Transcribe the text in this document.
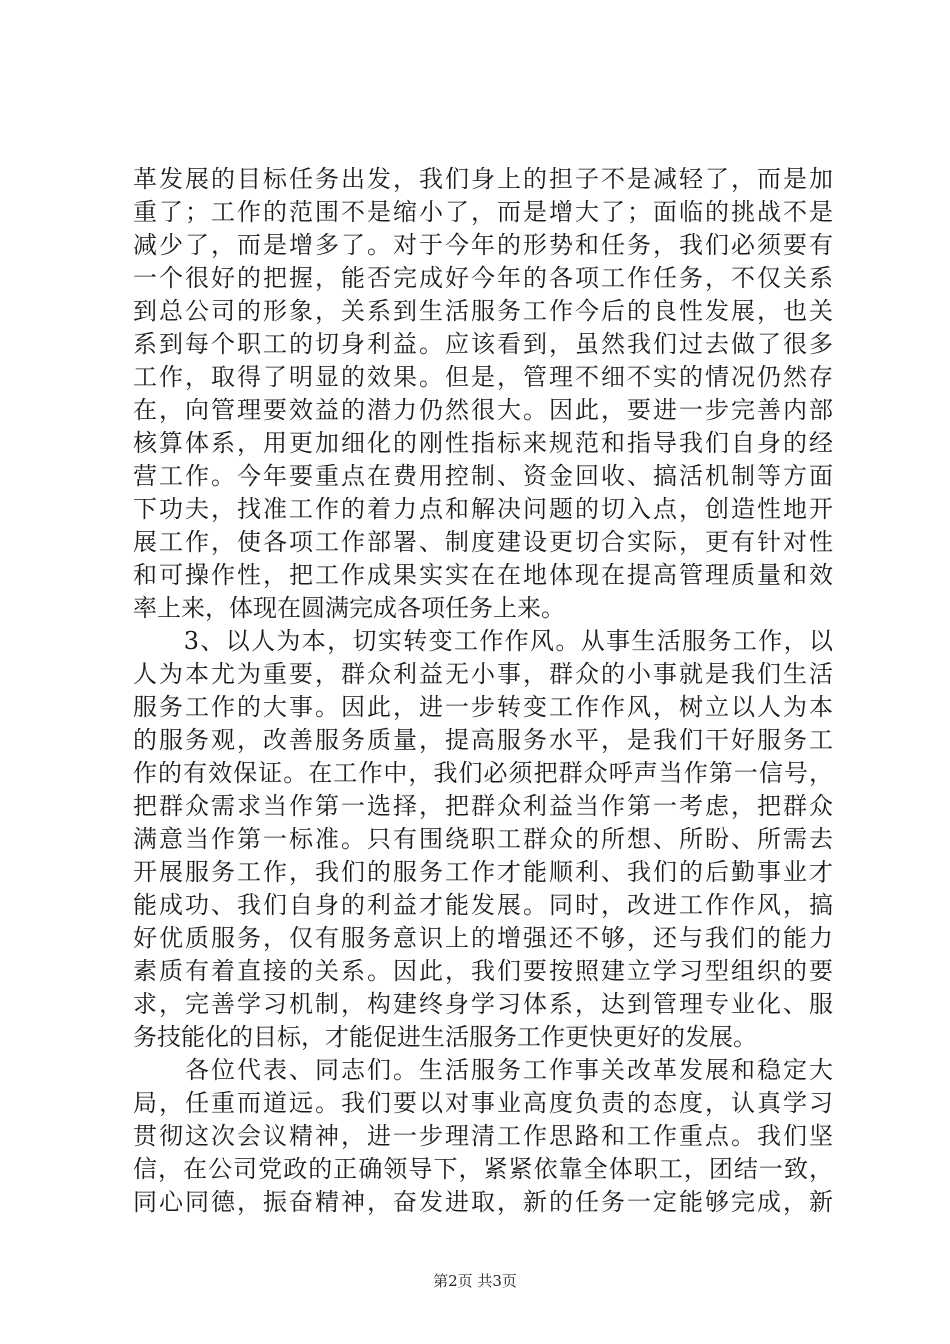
革发展的目标任务出发，我们身上的担子不是减轻了，而是加
重了；工作的范围不是缩小了，而是增大了；面临的挑战不是
减少了，而是增多了。对于今年的形势和任务，我们必须要有
一个很好的把握，能否完成好今年的各项工作任务，不仅关系
到总公司的形象，关系到生活服务工作今后的良性发展，也关
系到每个职工的切身利益。应该看到，虽然我们过去做了很多
工作，取得了明显的效果。但是，管理不细不实的情况仍然存
在，向管理要效益的潜力仍然很大。因此，要进一步完善内部
核算体系，用更加细化的刚性指标来规范和指导我们自身的经
营工作。今年要重点在费用控制、资金回收、搞活机制等方面
下功夫，找准工作的着力点和解决问题的切入点，创造性地开
展工作，使各项工作部署、制度建设更切合实际，更有针对性
和可操作性，把工作成果实实在在地体现在提高管理质量和效
率上来，体现在圆满完成各项任务上来。
　　3、以人为本，切实转变工作作风。从事生活服务工作，以
人为本尤为重要，群众利益无小事，群众的小事就是我们生活
服务工作的大事。因此，进一步转变工作作风，树立以人为本
的服务观，改善服务质量，提高服务水平，是我们干好服务工
作的有效保证。在工作中，我们必须把群众呼声当作第一信号，
把群众需求当作第一选择，把群众利益当作第一考虑，把群众
满意当作第一标准。只有围绕职工群众的所想、所盼、所需去
开展服务工作，我们的服务工作才能顺利、我们的后勤事业才
能成功、我们自身的利益才能发展。同时，改进工作作风，搞
好优质服务，仅有服务意识上的增强还不够，还与我们的能力
素质有着直接的关系。因此，我们要按照建立学习型组织的要
求，完善学习机制，构建终身学习体系，达到管理专业化、服
务技能化的目标，才能促进生活服务工作更快更好的发展。
　　各位代表、同志们。生活服务工作事关改革发展和稳定大
局，任重而道远。我们要以对事业高度负责的态度，认真学习
贯彻这次会议精神，进一步理清工作思路和工作重点。我们坚
信，在公司党政的正确领导下，紧紧依靠全体职工，团结一致，
同心同德，振奋精神，奋发进取，新的任务一定能够完成，新
第2页 共3页
